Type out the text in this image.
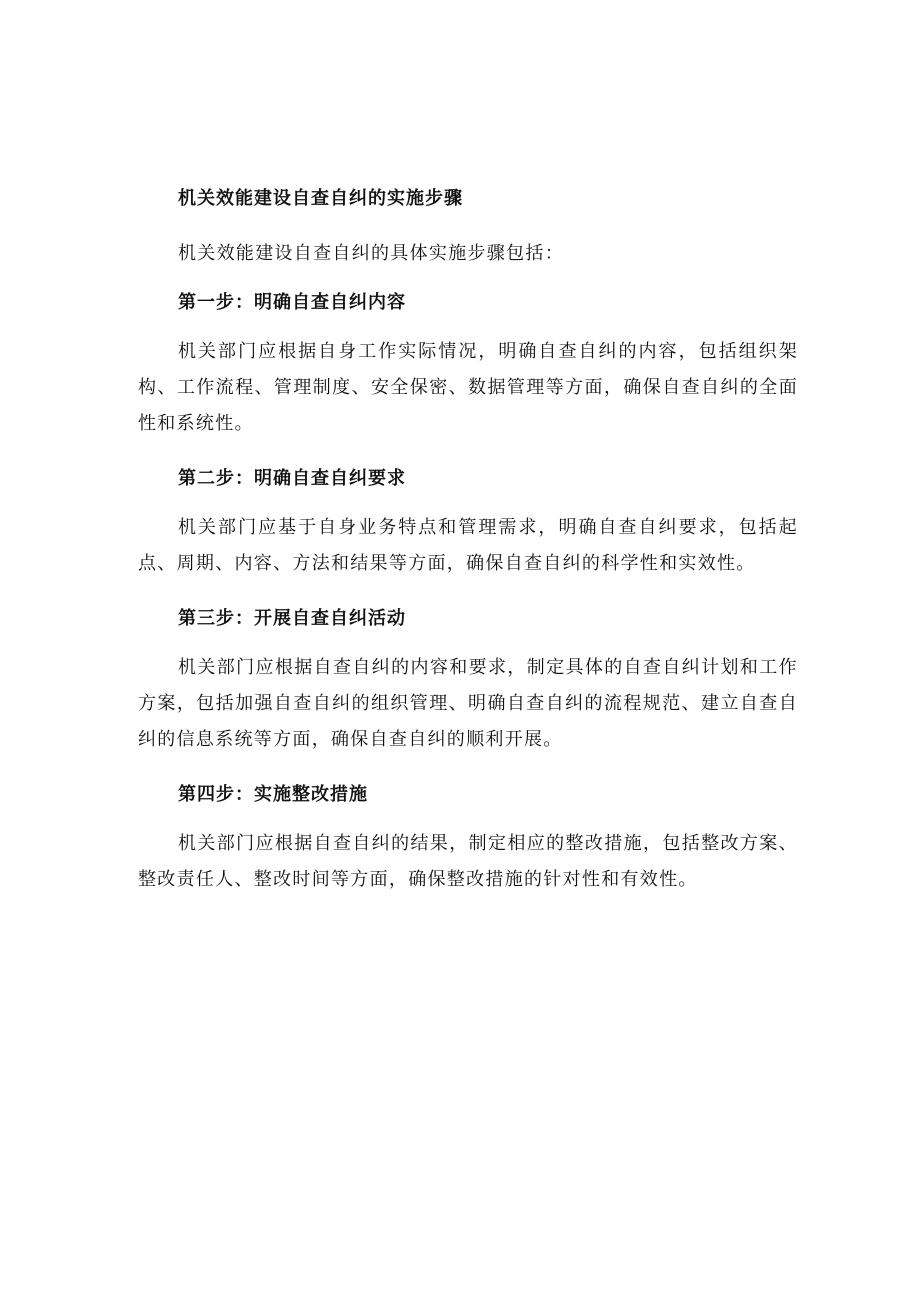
机关效能建设自查自纠的实施步骤

机关效能建设自查自纠的具体实施步骤包括：

第一步：明确自查自纠内容

机关部门应根据自身工作实际情况，明确自查自纠的内容，包括组织架构、工作流程、管理制度、安全保密、数据管理等方面，确保自查自纠的全面性和系统性。

第二步：明确自查自纠要求

机关部门应基于自身业务特点和管理需求，明确自查自纠要求，包括起点、周期、内容、方法和结果等方面，确保自查自纠的科学性和实效性。

第三步：开展自查自纠活动

机关部门应根据自查自纠的内容和要求，制定具体的自查自纠计划和工作方案，包括加强自查自纠的组织管理、明确自查自纠的流程规范、建立自查自纠的信息系统等方面，确保自查自纠的顺利开展。

第四步：实施整改措施

机关部门应根据自查自纠的结果，制定相应的整改措施，包括整改方案、整改责任人、整改时间等方面，确保整改措施的针对性和有效性。
